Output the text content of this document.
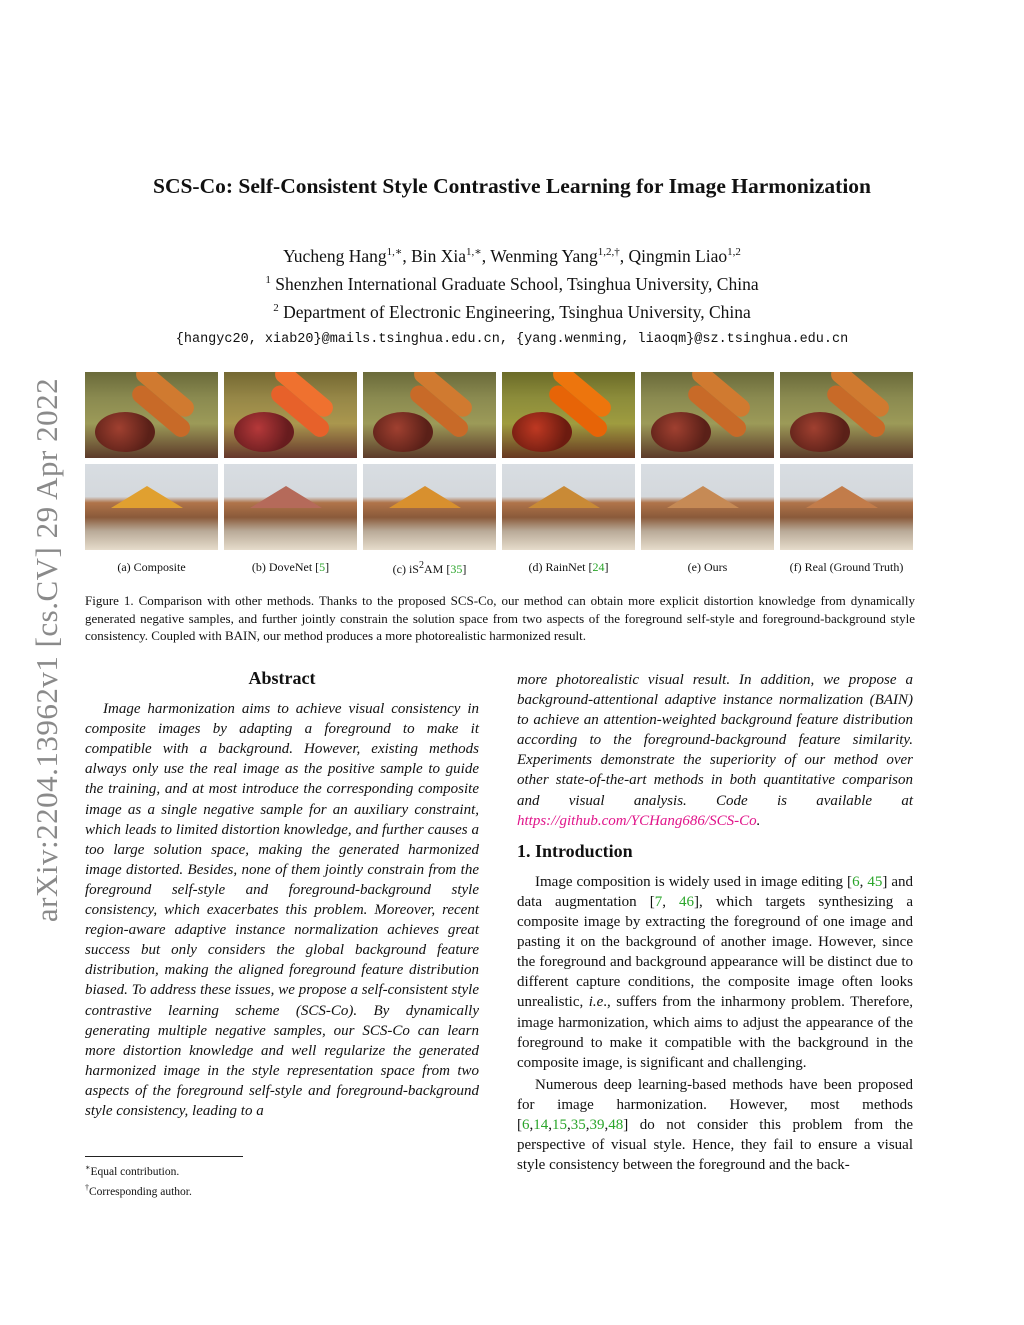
arXiv:2204.13962v1 [cs.CV] 29 Apr 2022
SCS-Co: Self-Consistent Style Contrastive Learning for Image Harmonization
Yucheng Hang$^{1,∗}$, Bin Xia$^{1,∗}$, Wenming Yang$^{1,2,\dagger}$, Qingmin Liao$^{1,2}$
$^1$ Shenzhen International Graduate School, Tsinghua University, China
$^2$ Department of Electronic Engineering, Tsinghua University, China
{hangyc20, xiab20}@mails.tsinghua.edu.cn, {yang.wenming, liaoqm}@sz.tsinghua.edu.cn
(a) Composite	(b) DoveNet [5]	(c) $iS^2AM$ [35]	(d) RainNet [24]	(e) Ours	(f) Real (Ground Truth)
Figure 1. Comparison with other methods. Thanks to the proposed SCS-Co, our method can obtain more explicit distortion knowledge from dynamically generated negative samples, and further jointly constrain the solution space from two aspects of the foreground self-style and foreground-background style consistency. Coupled with BAIN, our method produces a more photorealistic harmonized result.
Abstract

Image harmonization aims to achieve visual consistency in composite images by adapting a foreground to make it compatible with a background. However, existing methods always only use the real image as the positive sample to guide the training, and at most introduce the corresponding composite image as a single negative sample for an auxiliary constraint, which leads to limited distortion knowledge, and further causes a too large solution space, making the generated harmonized image distorted. Besides, none of them jointly constrain from the foreground self-style and foreground-background style consistency, which exacerbates this problem. Moreover, recent region-aware adaptive instance normalization achieves great success but only considers the global background feature distribution, making the aligned foreground feature distribution biased. To address these issues, we propose a self-consistent style contrastive learning scheme (SCS-Co). By dynamically generating multiple negative samples, our SCS-Co can learn more distortion knowledge and well regularize the generated harmonized image in the style representation space from two aspects of the foreground self-style and foreground-background style consistency, leading to a

more photorealistic visual result. In addition, we propose a background-attentional adaptive instance normalization (BAIN) to achieve an attention-weighted background feature distribution according to the foreground-background feature similarity. Experiments demonstrate the superiority of our method over other state-of-the-art methods in both quantitative comparison and visual analysis. Code is available at https://github.com/YCHang686/SCS-Co.

1. Introduction

Image composition is widely used in image editing [6, 45] and data augmentation [7, 46], which targets synthesizing a composite image by extracting the foreground of one image and pasting it on the background of another image. However, since the foreground and background appearance will be distinct due to different capture conditions, the composite image often looks unrealistic, i.e., suffers from the inharmony problem. Therefore, image harmonization, which aims to adjust the appearance of the foreground to make it compatible with the background in the composite image, is significant and challenging.

Numerous deep learning-based methods have been proposed for image harmonization. However, most methods [6,14,15,35,39,48] do not consider this problem from the perspective of visual style. Hence, they fail to ensure a visual style consistency between the foreground and the back-

∗Equal contribution.
†Corresponding author.
